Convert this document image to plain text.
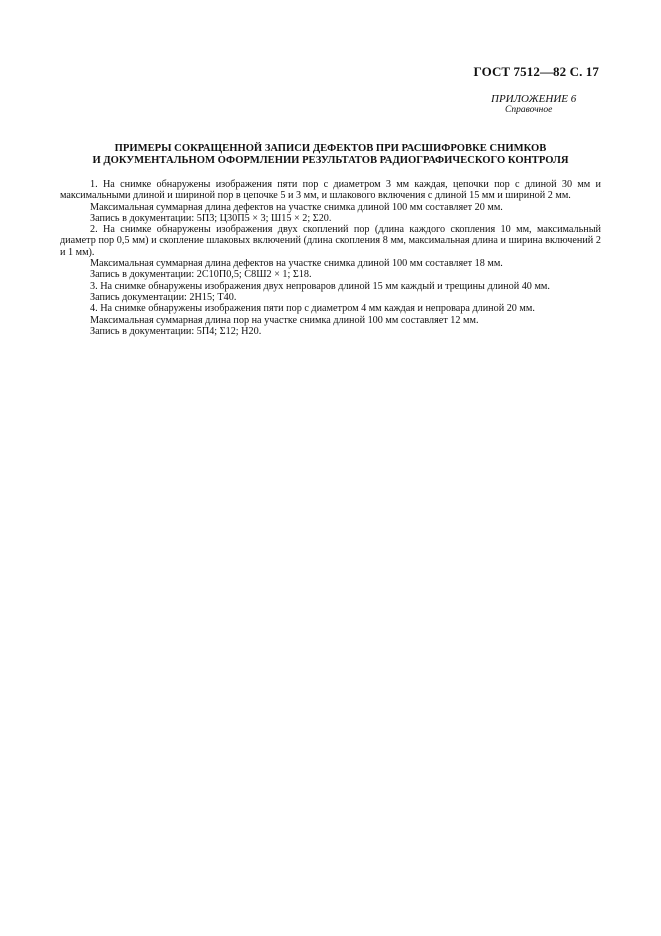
ГОСТ 7512—82 С. 17
ПРИЛОЖЕНИЕ 6
Справочное
ПРИМЕРЫ СОКРАЩЕННОЙ ЗАПИСИ ДЕФЕКТОВ ПРИ РАСШИФРОВКЕ СНИМКОВ
И ДОКУМЕНТАЛЬНОМ ОФОРМЛЕНИИ РЕЗУЛЬТАТОВ РАДИОГРАФИЧЕСКОГО КОНТРОЛЯ

1. На снимке обнаружены изображения пяти пор с диаметром 3 мм каждая, цепочки пор с длиной 30 мм и максимальными длиной и шириной пор в цепочке 5 и 3 мм, и шлакового включения с длиной 15 мм и шириной 2 мм.

Максимальная суммарная длина дефектов на участке снимка длиной 100 мм составляет 20 мм.

Запись в документации: 5П3; Ц30П5 × 3; Ш15 × 2; Σ20.

2. На снимке обнаружены изображения двух скоплений пор (длина каждого скопления 10 мм, максимальный диаметр пор 0,5 мм) и скопление шлаковых включений (длина скопления 8 мм, максимальная длина и ширина включений 2 и 1 мм).

Максимальная суммарная длина дефектов на участке снимка длиной 100 мм составляет 18 мм.

Запись в документации: 2С10П0,5; С8Ш2 × 1; Σ18.

3. На снимке обнаружены изображения двух непроваров длиной 15 мм каждый и трещины длиной 40 мм.

Запись документации: 2Н15; Т40.

4. На снимке обнаружены изображения пяти пор с диаметром 4 мм каждая и непровара длиной 20 мм.

Максимальная суммарная длина пор на участке снимка длиной 100 мм составляет 12 мм.

Запись в документации: 5П4; Σ12; Н20.
